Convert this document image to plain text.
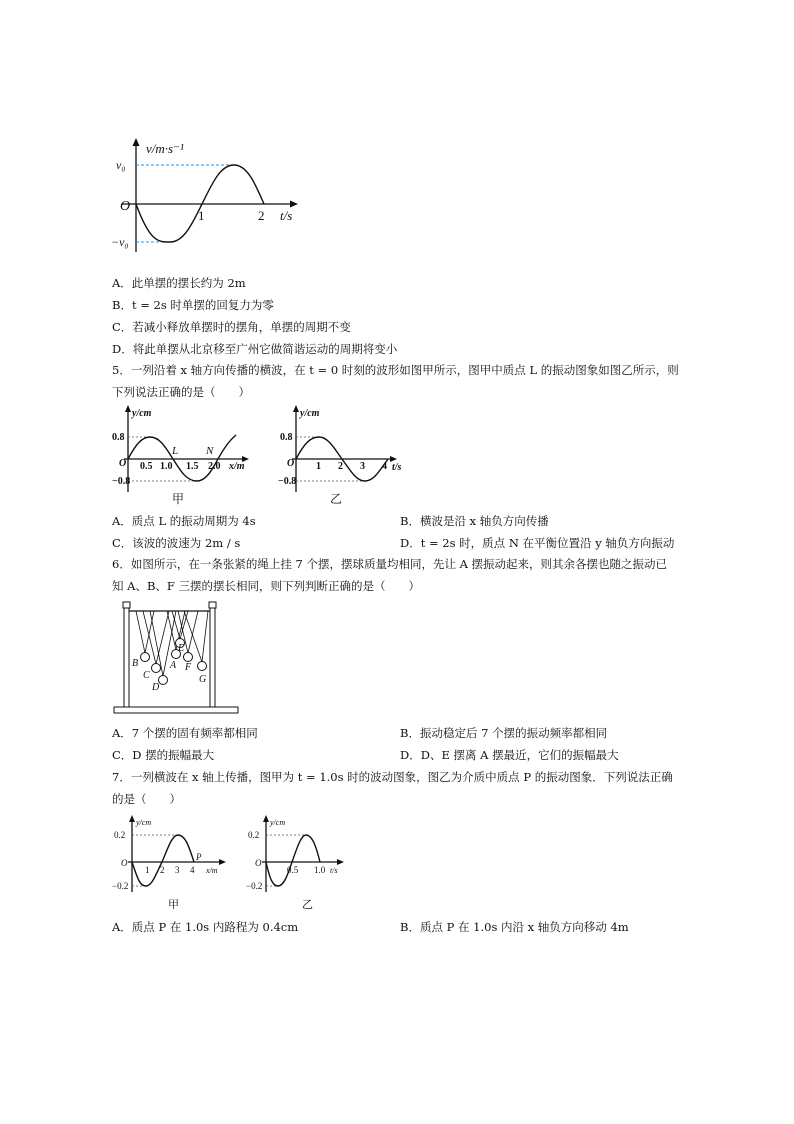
v/m·s⁻¹
v₀
−v₀
O
1	2 t/s
A．此单摆的摆长约为 2m
B．t = 2s 时单摆的回复力为零
C．若减小释放单摆时的摆角，单摆的周期不变
D．将此单摆从北京移至广州它做简谐运动的周期将变小
5．一列沿着 x 轴方向传播的横波，在 t = 0 时刻的波形如图甲所示，图甲中质点 L 的振动图象如图乙所示，则
下列说法正确的是（　　）
y/cm
0.8
−0.8
O 0.5 1.0 1.5 2.0 x/m
L	N
甲
y/cm
0.8
−0.8
O 1 2 3 4 t/s
乙
A．质点 L 的振动周期为 4s	B．横波是沿 x 轴负方向传播
C．该波的波速为 2m / s	D．t = 2s 时，质点 N 在平衡位置沿 y 轴负方向振动
6．如图所示，在一条张紧的绳上挂 7 个摆，摆球质量均相同，先让 A 摆振动起来，则其余各摆也随之振动已
知 A、B、F 三摆的摆长相同，则下列判断正确的是（　　）
B
C
D
E
A F
G
A．7 个摆的固有频率都相同	B．振动稳定后 7 个摆的振动频率都相同
C．D 摆的振幅最大	D．D、E 摆离 A 摆最近，它们的振幅最大
7．一列横波在 x 轴上传播，图甲为 t = 1.0s 时的波动图象，图乙为介质中质点 P 的振动图象．下列说法正确
的是（　　）
y/cm
0.2
−0.2
O
1 2 3 4 x/m
P
甲
y/cm
0.2
−0.2
O
0.5 1.0 t/s
乙
A．质点 P 在 1.0s 内路程为 0.4cm	B．质点 P 在 1.0s 内沿 x 轴负方向移动 4m
